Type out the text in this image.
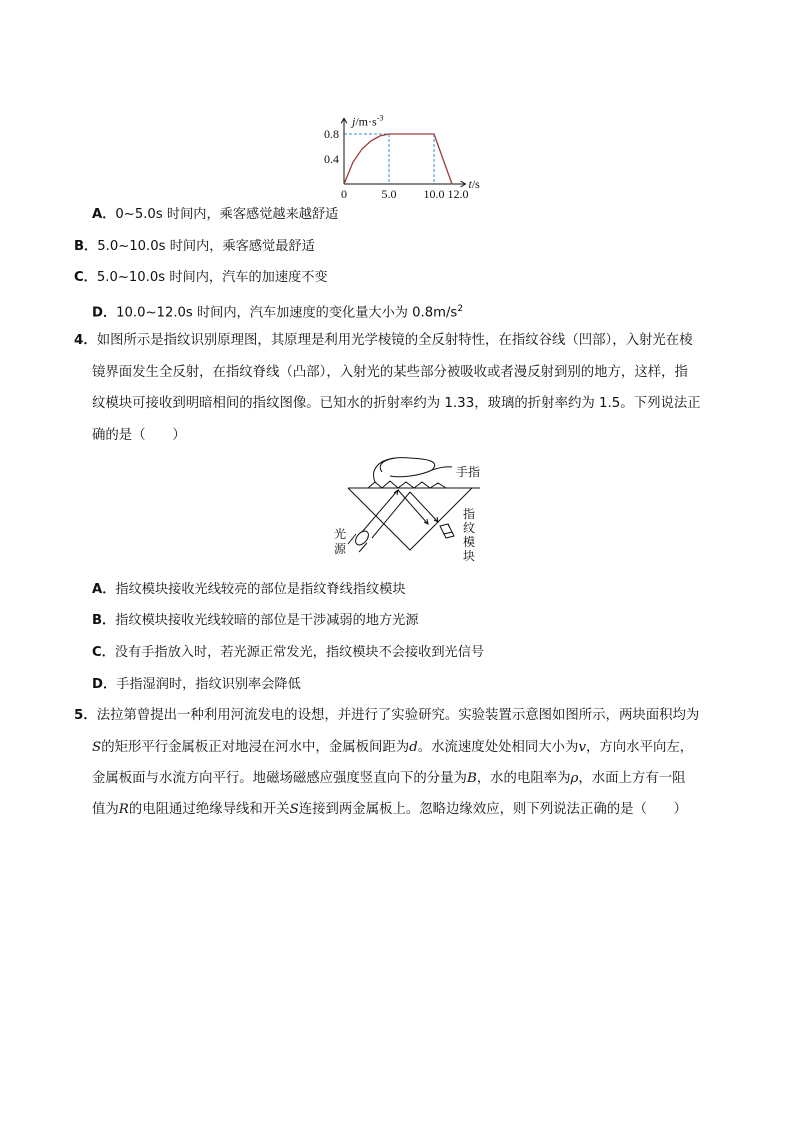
0.8
0.4
0	5.0 10.0 12.0
$j/m\cdot s^{-3}$
t/s
A．0~5.0s 时间内，乘客感觉越来越舒适
B．5.0~10.0s 时间内，乘客感觉最舒适
C．5.0~10.0s 时间内，汽车的加速度不变
D．10.0~12.0s 时间内，汽车加速度的变化量大小为 $0.8m/s^2$
4．如图所示是指纹识别原理图，其原理是利用光学棱镜的全反射特性，在指纹谷线（凹部），入射光在棱
镜界面发生全反射，在指纹脊线（凸部），入射光的某些部分被吸收或者漫反射到别的地方，这样，指
纹模块可接收到明暗相间的指纹图像。已知水的折射率约为 1.33，玻璃的折射率约为 1.5。下列说法正
确的是（　　）
手指
光
源
指
纹
模
块
A．指纹模块接收光线较亮的部位是指纹脊线指纹模块
B．指纹模块接收光线较暗的部位是干涉减弱的地方光源
C．没有手指放入时，若光源正常发光，指纹模块不会接收到光信号
D．手指湿润时，指纹识别率会降低
5．法拉第曾提出一种利用河流发电的设想，并进行了实验研究。实验装置示意图如图所示，两块面积均为
S的矩形平行金属板正对地浸在河水中，金属板间距为d。水流速度处处相同大小为v，方向水平向左，
金属板面与水流方向平行。地磁场磁感应强度竖直向下的分量为B，水的电阻率为ρ，水面上方有一阻
值为R的电阻通过绝缘导线和开关S连接到两金属板上。忽略边缘效应，则下列说法正确的是（　　）
